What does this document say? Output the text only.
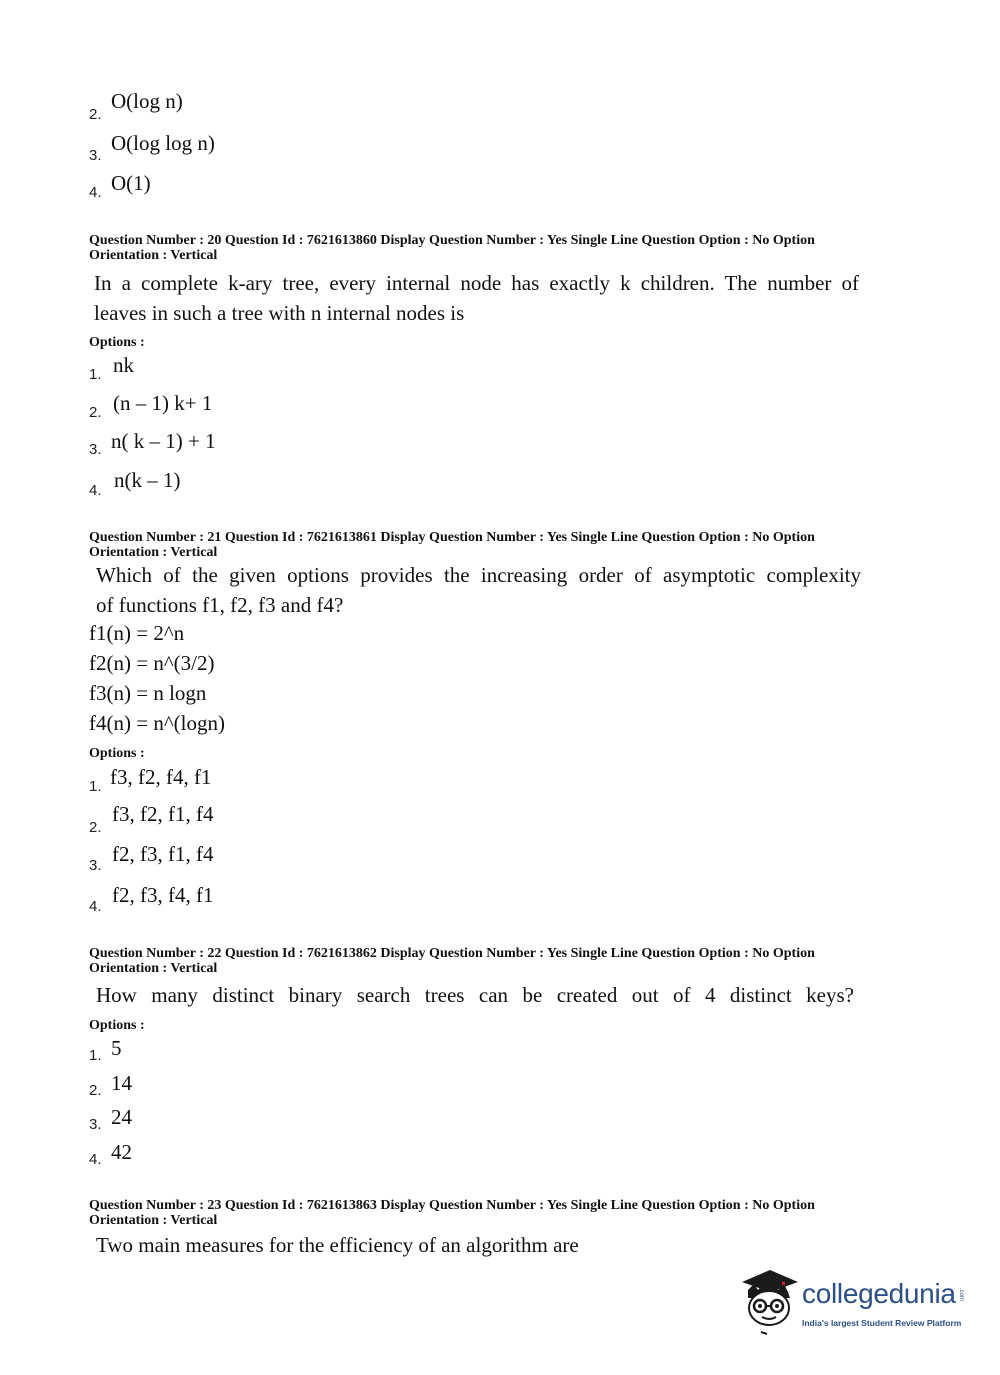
2.
O(log n)
3.
O(log log n)
4. O(1)
Question Number : 20 Question Id : 7621613860 Display Question Number : Yes Single Line Question Option : No Option
Orientation : Vertical
In a complete k-ary tree, every internal node has exactly k children. The number of
leaves in such a tree with n internal nodes is
Options :
1. nk
2. (n – 1) k+ 1
3. n( k – 1) + 1
4. n(k – 1)
Question Number : 21 Question Id : 7621613861 Display Question Number : Yes Single Line Question Option : No Option
Orientation : Vertical
Which of the given options provides the increasing order of asymptotic complexity
of functions f1, f2, f3 and f4?
f1(n) = 2^n
f2(n) = n^(3/2)
f3(n) = n logn
f4(n) = n^(logn)
Options :
1. f3, f2, f4, f1
2.
f3, f2, f1, f4
3. f2, f3, f1, f4
4. f2, f3, f4, f1
Question Number : 22 Question Id : 7621613862 Display Question Number : Yes Single Line Question Option : No Option
Orientation : Vertical
How many distinct binary search trees can be created out of 4 distinct keys?
Options :
1. 5
2. 14
3. 24
4. 42
Question Number : 23 Question Id : 7621613863 Display Question Number : Yes Single Line Question Option : No Option
Orientation : Vertical
Two main measures for the efficiency of an algorithm are
collegedunia .com
India's largest Student Review Platform
